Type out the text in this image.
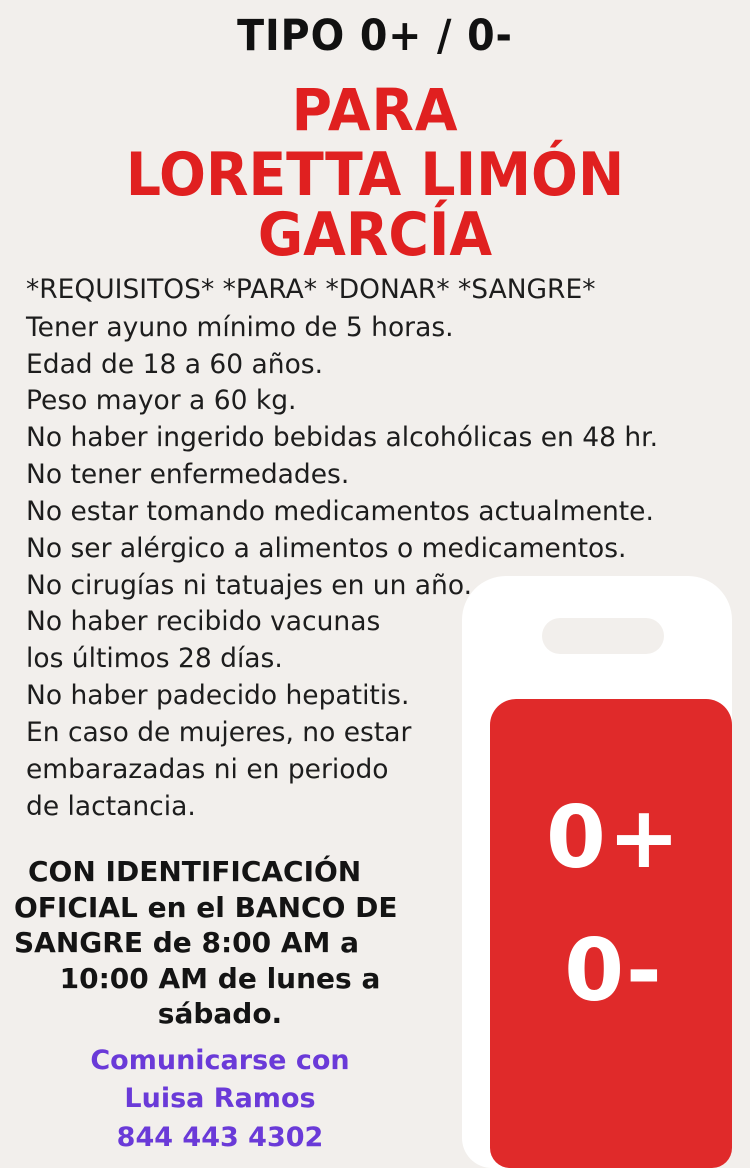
TIPO 0+ / 0-
PARA
LORETTA LIMÓN GARCÍA
*REQUISITOS* *PARA* *DONAR* *SANGRE*
Tener ayuno mínimo de 5 horas.
Edad de 18 a 60 años.
Peso mayor a 60 kg.
No haber ingerido bebidas alcohólicas en 48 hr.
No tener enfermedades.
No estar tomando medicamentos actualmente.
No ser alérgico a alimentos o medicamentos.
No cirugías ni tatuajes en un año.
No haber recibido vacunas los últimos 28 días.
No haber padecido hepatitis.
En caso de mujeres, no estar embarazadas ni en periodo de lactancia.
CON IDENTIFICACIÓN
OFICIAL en el BANCO DE
SANGRE de 8:00 AM a
10:00 AM de lunes a
sábado.
Comunicarse con
Luisa Ramos
844 443 4302
0+
0-
